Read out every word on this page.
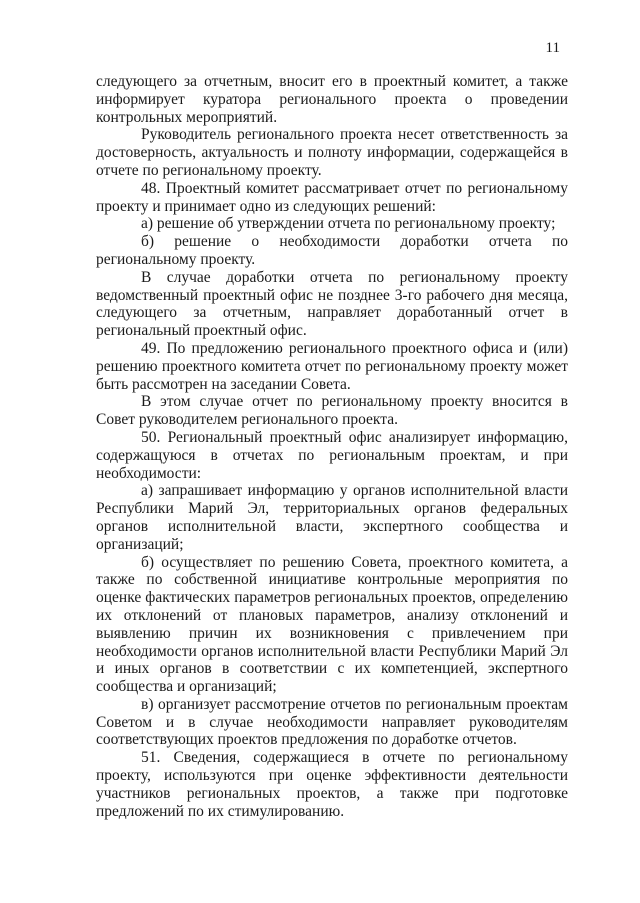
11

следующего за отчетным, вносит его в проектный комитет, а также информирует куратора регионального проекта о проведении контрольных мероприятий.

Руководитель регионального проекта несет ответственность за достоверность, актуальность и полноту информации, содержащейся в отчете по региональному проекту.

48. Проектный комитет рассматривает отчет по региональному проекту и принимает одно из следующих решений:

а) решение об утверждении отчета по региональному проекту;

б) решение о необходимости доработки отчета по региональному проекту.

В случае доработки отчета по региональному проекту ведомственный проектный офис не позднее 3-го рабочего дня месяца, следующего за отчетным, направляет доработанный отчет в региональный проектный офис.

49. По предложению регионального проектного офиса и (или) решению проектного комитета отчет по региональному проекту может быть рассмотрен на заседании Совета.

В этом случае отчет по региональному проекту вносится в Совет руководителем регионального проекта.

50. Региональный проектный офис анализирует информацию, содержащуюся в отчетах по региональным проектам, и при необходимости:

а) запрашивает информацию у органов исполнительной власти Республики Марий Эл, территориальных органов федеральных органов исполнительной власти, экспертного сообщества и организаций;

б) осуществляет по решению Совета, проектного комитета, а также по собственной инициативе контрольные мероприятия по оценке фактических параметров региональных проектов, определению их отклонений от плановых параметров, анализу отклонений и выявлению причин их возникновения с привлечением при необходимости органов исполнительной власти Республики Марий Эл и иных органов в соответствии с их компетенцией, экспертного сообщества и организаций;

в) организует рассмотрение отчетов по региональным проектам Советом и в случае необходимости направляет руководителям соответствующих проектов предложения по доработке отчетов.

51. Сведения, содержащиеся в отчете по региональному проекту, используются при оценке эффективности деятельности участников региональных проектов, а также при подготовке предложений по их стимулированию.
